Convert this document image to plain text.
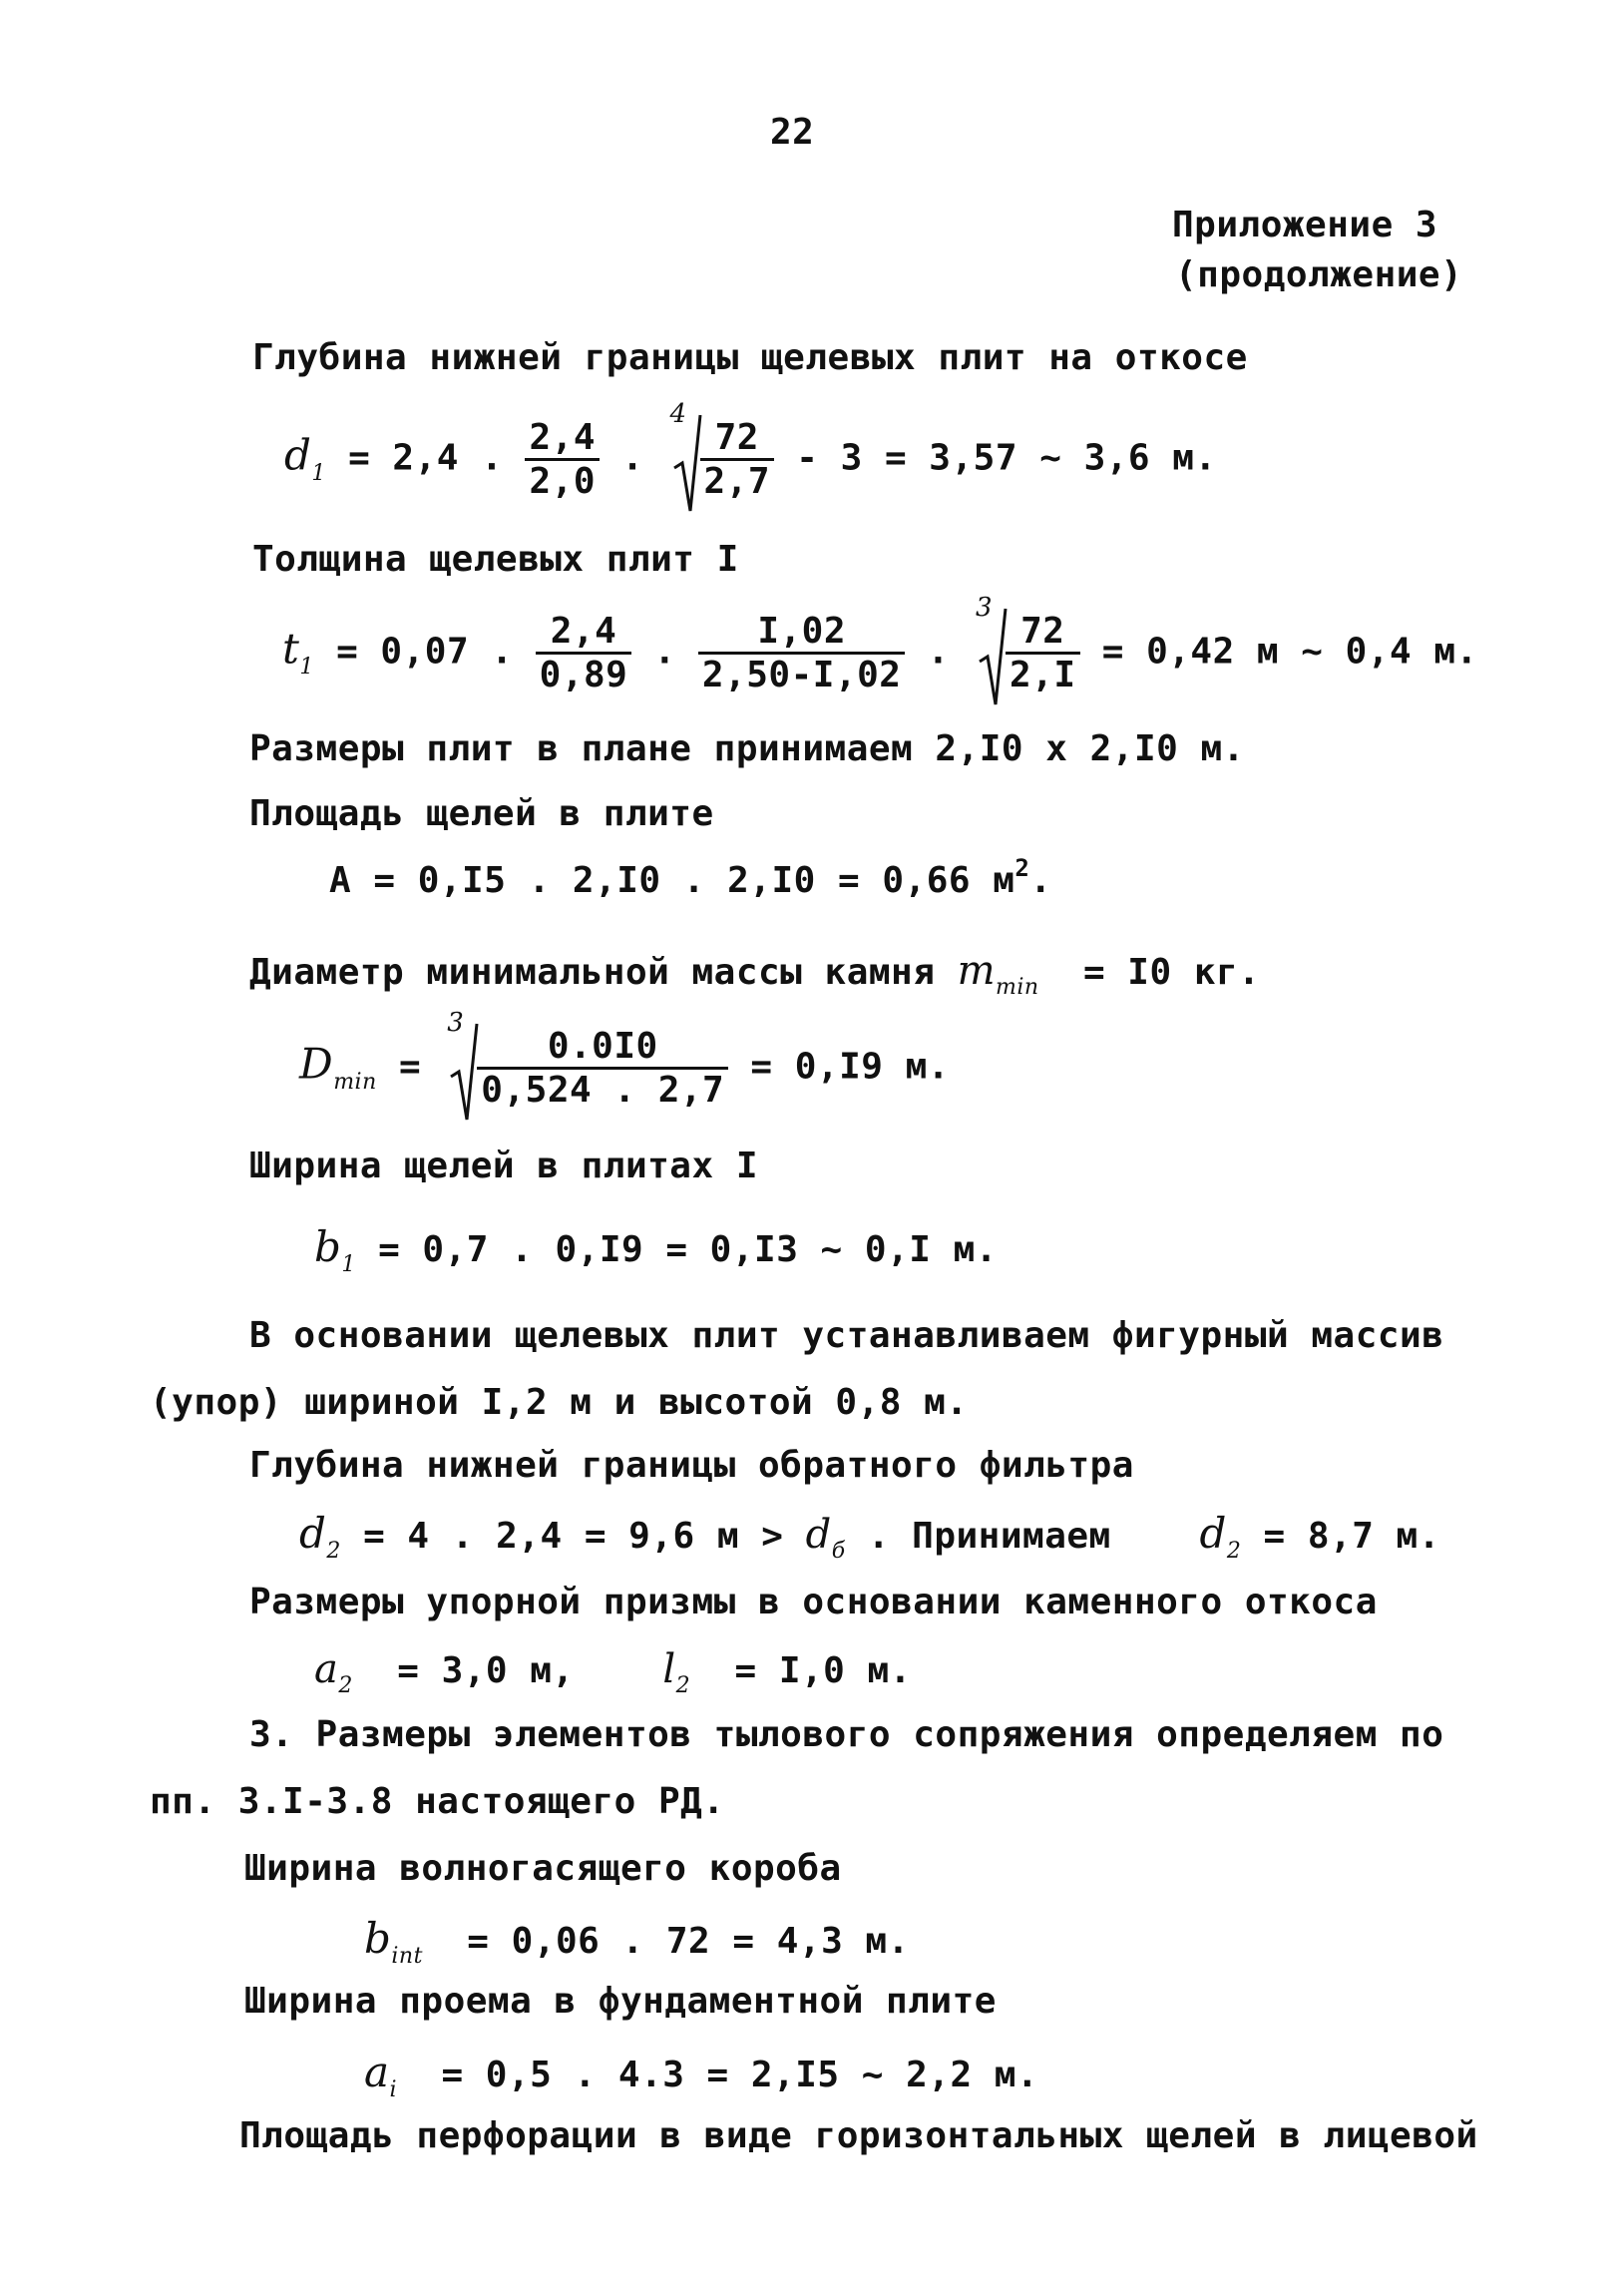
22
Приложение 3
(продолжение)
Глубина нижней границы щелевых плит на откосе
$d_1 = 2,4$ . $\frac{2,4}{2,0}$ .
4
$\frac{72}{2,7} - 3 = 3,57$ ~ 3,6 м.
Толщина щелевых плит I
$t_1 = 0,07$ . $\frac{2,4}{0,89}$ . $\frac{I,02}{2,50-I,02}$ .
3
$\frac{72}{2,I} = 0,42$ м ~ 0,4 м.
Размеры плит в плане принимаем 2,I0 х 2,I0 м.
Площадь щелей в плите
A = 0,I5 . 2,I0 . 2,I0 = 0,66 $м^2$.
Диаметр минимальной массы камня $m_{min} = I0$ кг.
$D_{min}$ =
3
$\frac{0.0I0}{0,524 . 2,7} = 0,I9$ м.
Ширина щелей в плитах I
$b_1 = 0,7$ . 0,I9 = 0,I3 ~ 0,I м.
В основании щелевых плит устанавливаем фигурный массив
(упор) шириной I,2 м и высотой 0,8 м.
Глубина нижней границы обратного фильтра
$d_2 = 4$ . 2,4 = 9,6 $м > d_б$ . Принимаем $d_2 = 8,7$ м.
Размеры упорной призмы в основании каменного откоса
$a_2 = 3,0$ м, $l_2 = I,0$ м.
3. Размеры элементов тылового сопряжения определяем по
пп. 3.I-3.8 настоящего РД.
Ширина волногасящего короба
$b_{int} = 0,06$ . 72 = 4,3 м.
Ширина проема в фундаментной плите
$a_i = 0,5$ . 4.3 = 2,I5 ~ 2,2 м.
Площадь перфорации в виде горизонтальных щелей в лицевой
